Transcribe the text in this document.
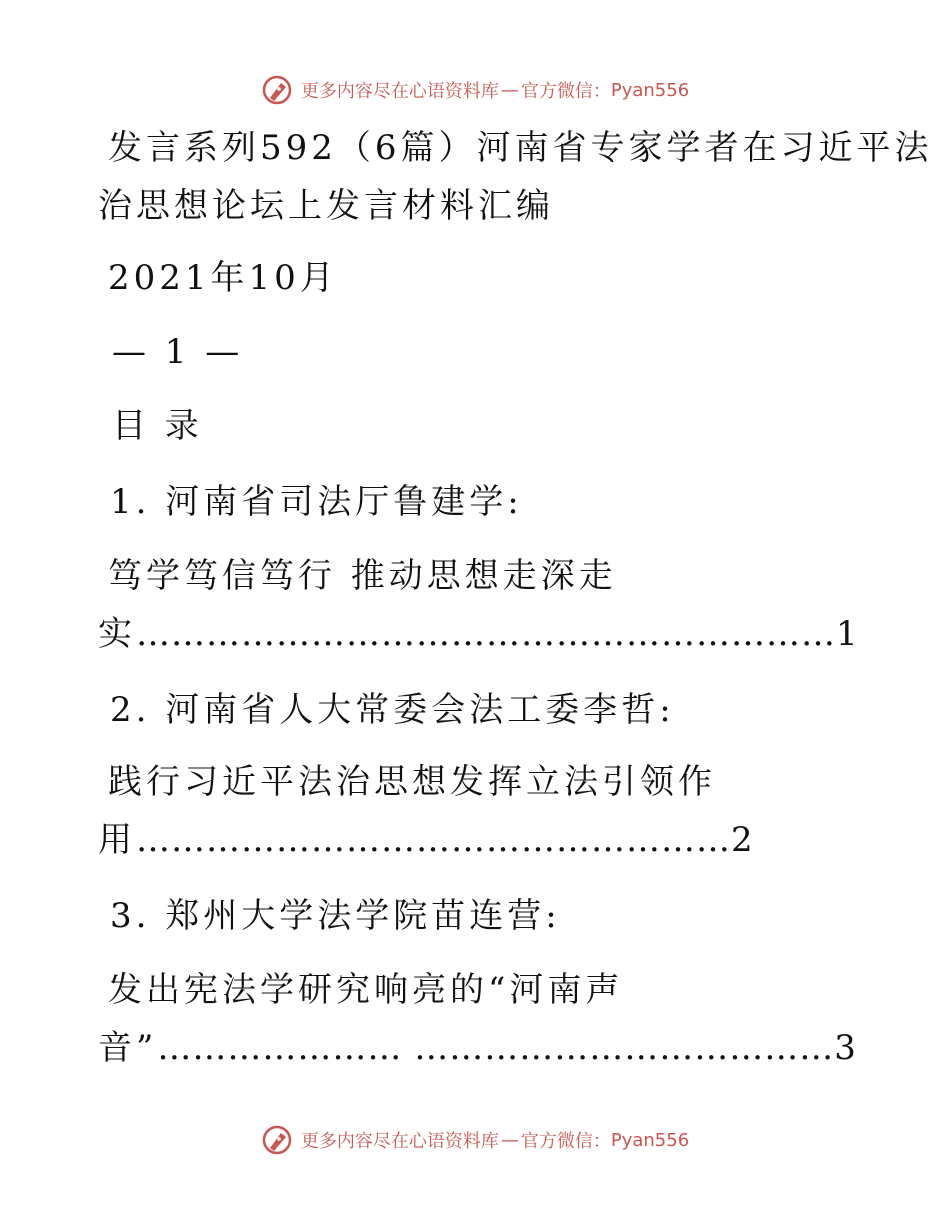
更多内容尽在心语资料库 — 官方微信： Pyan556
发言系列592（6篇）河南省专家学者在习近平法
治思想论坛上发言材料汇编
2021年10月
— 1 —
目 录
1. 河南省司法厅鲁建学:
笃学笃信笃行 推动思想走深走
实……………………………………………………1
2. 河南省人大常委会法工委李哲:
践行习近平法治思想发挥立法引领作
用……………………………………………2
3. 郑州大学法学院苗连营:
发出宪法学研究响亮的“河南声
音”………………… ………………………………3
更多内容尽在心语资料库 — 官方微信： Pyan556
